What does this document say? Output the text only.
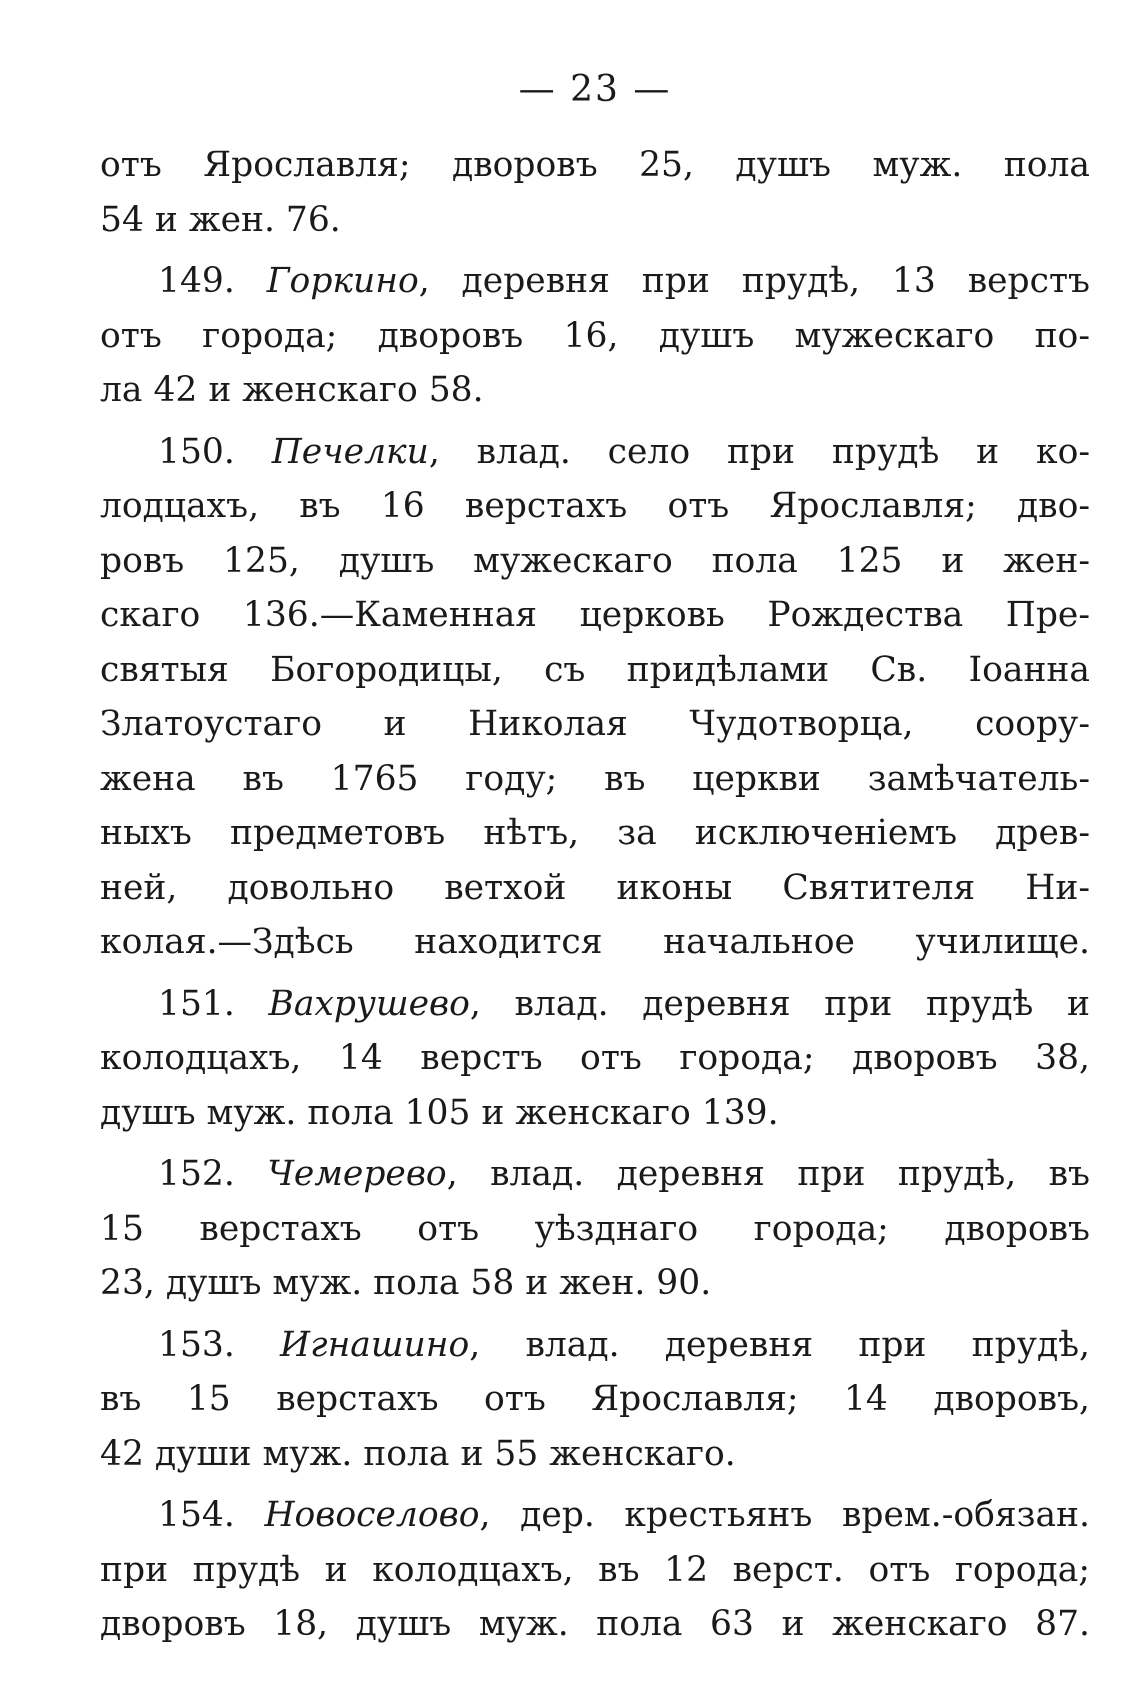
— 23 —
отъ Ярославля; дворовъ 25, душъ муж. пола
54 и жен. 76.
149. Горкино, деревня при прудѣ, 13 верстъ
отъ города; дворовъ 16, душъ мужескаго по-
ла 42 и женскаго 58.
150. Печелки, влад. село при прудѣ и ко-
лодцахъ, въ 16 верстахъ отъ Ярославля; дво-
ровъ 125, душъ мужескаго пола 125 и жен-
скаго 136.—Каменная церковь Рождества Пре-
святыя Богородицы, съ придѣлами Св. Іоанна
Златоустаго и Николая Чудотворца, соору-
жена въ 1765 году; въ церкви замѣчатель-
ныхъ предметовъ нѣтъ, за исключеніемъ древ-
ней, довольно ветхой иконы Святителя Ни-
колая.—Здѣсь находится начальное училище.
151. Вахрушево, влад. деревня при прудѣ и
колодцахъ, 14 верстъ отъ города; дворовъ 38,
душъ муж. пола 105 и женскаго 139.
152. Чемерево, влад. деревня при прудѣ, въ
15 верстахъ отъ уѣзднаго города; дворовъ
23, душъ муж. пола 58 и жен. 90.
153. Игнашино, влад. деревня при прудѣ,
въ 15 верстахъ отъ Ярославля; 14 дворовъ,
42 души муж. пола и 55 женскаго.
154. Новоселово, дер. крестьянъ врем.-обязан.
при прудѣ и колодцахъ, въ 12 верст. отъ города;
дворовъ 18, душъ муж. пола 63 и женскаго 87.
